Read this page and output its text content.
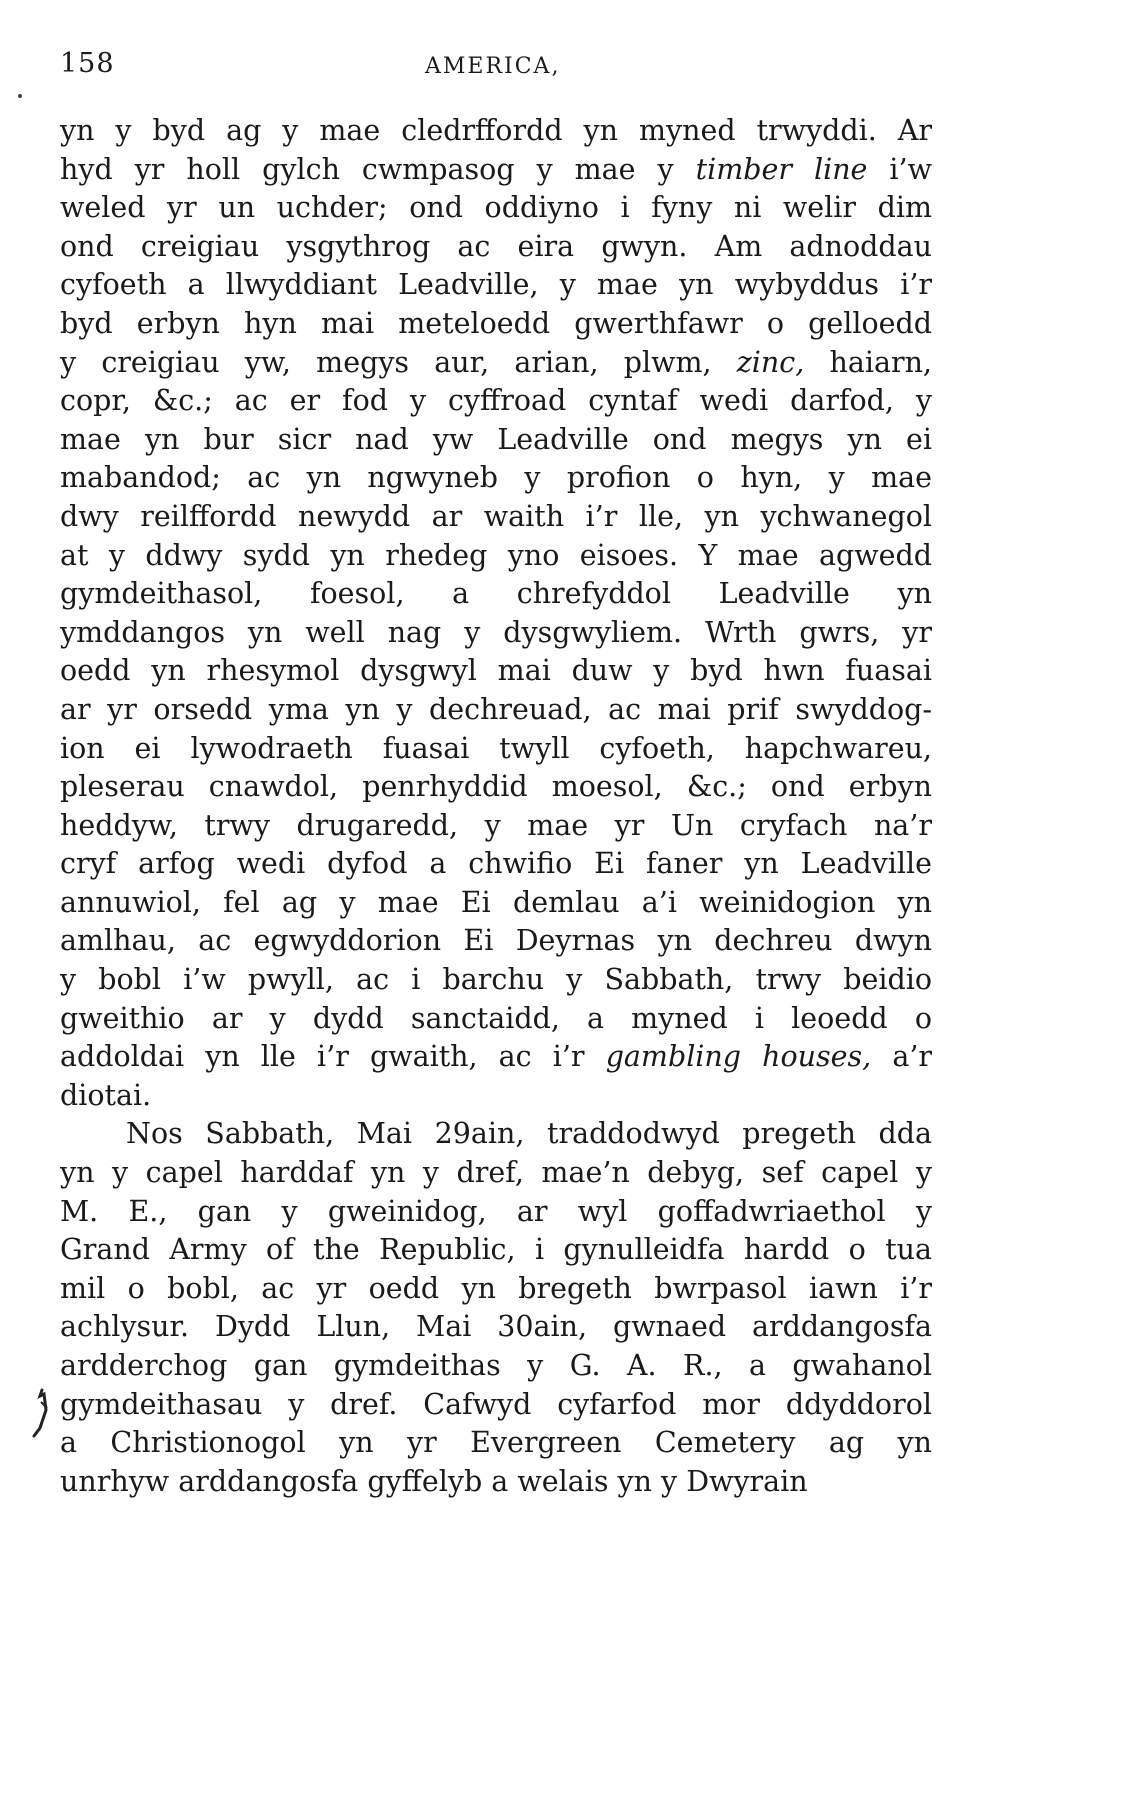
158	AMERICA,
yn y byd ag y mae cledrffordd yn myned trwyddi. Ar
hyd yr holl gylch cwmpasog y mae y timber line i’w
weled yr un uchder; ond oddiyno i fyny ni welir dim
ond creigiau ysgythrog ac eira gwyn. Am adnoddau
cyfoeth a llwyddiant Leadville, y mae yn wybyddus i’r
byd erbyn hyn mai meteloedd gwerthfawr o gelloedd
y creigiau yw, megys aur, arian, plwm, zinc, haiarn,
copr, &c.; ac er fod y cyffroad cyntaf wedi darfod, y
mae yn bur sicr nad yw Leadville ond megys yn ei
mabandod; ac yn ngwyneb y profion o hyn, y mae
dwy reilffordd newydd ar waith i’r lle, yn ychwanegol
at y ddwy sydd yn rhedeg yno eisoes. Y mae agwedd
gymdeithasol, foesol, a chrefyddol Leadville yn
ymddangos yn well nag y dysgwyliem. Wrth gwrs, yr
oedd yn rhesymol dysgwyl mai duw y byd hwn fuasai
ar yr orsedd yma yn y dechreuad, ac mai prif swyddog-
ion ei lywodraeth fuasai twyll cyfoeth, hapchwareu,
pleserau cnawdol, penrhyddid moesol, &c.; ond erbyn
heddyw, trwy drugaredd, y mae yr Un cryfach na’r
cryf arfog wedi dyfod a chwifio Ei faner yn Leadville
annuwiol, fel ag y mae Ei demlau a’i weinidogion yn
amlhau, ac egwyddorion Ei Deyrnas yn dechreu dwyn
y bobl i’w pwyll, ac i barchu y Sabbath, trwy beidio
gweithio ar y dydd sanctaidd, a myned i leoedd o
addoldai yn lle i’r gwaith, ac i’r gambling houses, a’r
diotai.
Nos Sabbath, Mai 29ain, traddodwyd pregeth dda
yn y capel harddaf yn y dref, mae’n debyg, sef capel y
M. E., gan y gweinidog, ar wyl goffadwriaethol y
Grand Army of the Republic, i gynulleidfa hardd o tua
mil o bobl, ac yr oedd yn bregeth bwrpasol iawn i’r
achlysur. Dydd Llun, Mai 30ain, gwnaed arddangosfa
ardderchog gan gymdeithas y G. A. R., a gwahanol
gymdeithasau y dref. Cafwyd cyfarfod mor ddyddorol
a Christionogol yn yr Evergreen Cemetery ag yn
unrhyw arddangosfa gyffelyb a welais yn y Dwyrain
